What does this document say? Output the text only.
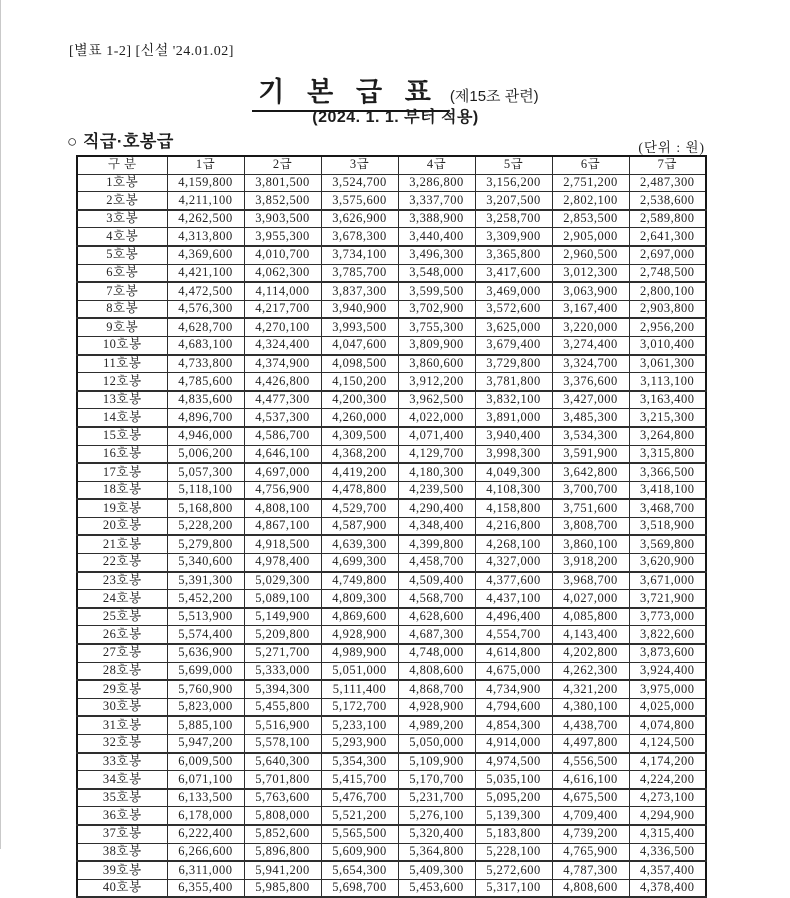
[별표 1-2] [신설 '24.01.02]
기 본 급 표 (제15조 관련)
(2024. 1. 1. 부터 적용)
○ 직급·호봉급	(단위 : 원)
구 분	1급	2급	3급	4급	5급	6급	7급
1호봉	4,159,800	3,801,500	3,524,700	3,286,800	3,156,200	2,751,200	2,487,300
2호봉	4,211,100	3,852,500	3,575,600	3,337,700	3,207,500	2,802,100	2,538,600
3호봉	4,262,500	3,903,500	3,626,900	3,388,900	3,258,700	2,853,500	2,589,800
4호봉	4,313,800	3,955,300	3,678,300	3,440,400	3,309,900	2,905,000	2,641,300
5호봉	4,369,600	4,010,700	3,734,100	3,496,300	3,365,800	2,960,500	2,697,000
6호봉	4,421,100	4,062,300	3,785,700	3,548,000	3,417,600	3,012,300	2,748,500
7호봉	4,472,500	4,114,000	3,837,300	3,599,500	3,469,000	3,063,900	2,800,100
8호봉	4,576,300	4,217,700	3,940,900	3,702,900	3,572,600	3,167,400	2,903,800
9호봉	4,628,700	4,270,100	3,993,500	3,755,300	3,625,000	3,220,000	2,956,200
10호봉	4,683,100	4,324,400	4,047,600	3,809,900	3,679,400	3,274,400	3,010,400
11호봉	4,733,800	4,374,900	4,098,500	3,860,600	3,729,800	3,324,700	3,061,300
12호봉	4,785,600	4,426,800	4,150,200	3,912,200	3,781,800	3,376,600	3,113,100
13호봉	4,835,600	4,477,300	4,200,300	3,962,500	3,832,100	3,427,000	3,163,400
14호봉	4,896,700	4,537,300	4,260,000	4,022,000	3,891,000	3,485,300	3,215,300
15호봉	4,946,000	4,586,700	4,309,500	4,071,400	3,940,400	3,534,300	3,264,800
16호봉	5,006,200	4,646,100	4,368,200	4,129,700	3,998,300	3,591,900	3,315,800
17호봉	5,057,300	4,697,000	4,419,200	4,180,300	4,049,300	3,642,800	3,366,500
18호봉	5,118,100	4,756,900	4,478,800	4,239,500	4,108,300	3,700,700	3,418,100
19호봉	5,168,800	4,808,100	4,529,700	4,290,400	4,158,800	3,751,600	3,468,700
20호봉	5,228,200	4,867,100	4,587,900	4,348,400	4,216,800	3,808,700	3,518,900
21호봉	5,279,800	4,918,500	4,639,300	4,399,800	4,268,100	3,860,100	3,569,800
22호봉	5,340,600	4,978,400	4,699,300	4,458,700	4,327,000	3,918,200	3,620,900
23호봉	5,391,300	5,029,300	4,749,800	4,509,400	4,377,600	3,968,700	3,671,000
24호봉	5,452,200	5,089,100	4,809,300	4,568,700	4,437,100	4,027,000	3,721,900
25호봉	5,513,900	5,149,900	4,869,600	4,628,600	4,496,400	4,085,800	3,773,000
26호봉	5,574,400	5,209,800	4,928,900	4,687,300	4,554,700	4,143,400	3,822,600
27호봉	5,636,900	5,271,700	4,989,900	4,748,000	4,614,800	4,202,800	3,873,600
28호봉	5,699,000	5,333,000	5,051,000	4,808,600	4,675,000	4,262,300	3,924,400
29호봉	5,760,900	5,394,300	5,111,400	4,868,700	4,734,900	4,321,200	3,975,000
30호봉	5,823,000	5,455,800	5,172,700	4,928,900	4,794,600	4,380,100	4,025,000
31호봉	5,885,100	5,516,900	5,233,100	4,989,200	4,854,300	4,438,700	4,074,800
32호봉	5,947,200	5,578,100	5,293,900	5,050,000	4,914,000	4,497,800	4,124,500
33호봉	6,009,500	5,640,300	5,354,300	5,109,900	4,974,500	4,556,500	4,174,200
34호봉	6,071,100	5,701,800	5,415,700	5,170,700	5,035,100	4,616,100	4,224,200
35호봉	6,133,500	5,763,600	5,476,700	5,231,700	5,095,200	4,675,500	4,273,100
36호봉	6,178,000	5,808,000	5,521,200	5,276,100	5,139,300	4,709,400	4,294,900
37호봉	6,222,400	5,852,600	5,565,500	5,320,400	5,183,800	4,739,200	4,315,400
38호봉	6,266,600	5,896,800	5,609,900	5,364,800	5,228,100	4,765,900	4,336,500
39호봉	6,311,000	5,941,200	5,654,300	5,409,300	5,272,600	4,787,300	4,357,400
40호봉	6,355,400	5,985,800	5,698,700	5,453,600	5,317,100	4,808,600	4,378,400
